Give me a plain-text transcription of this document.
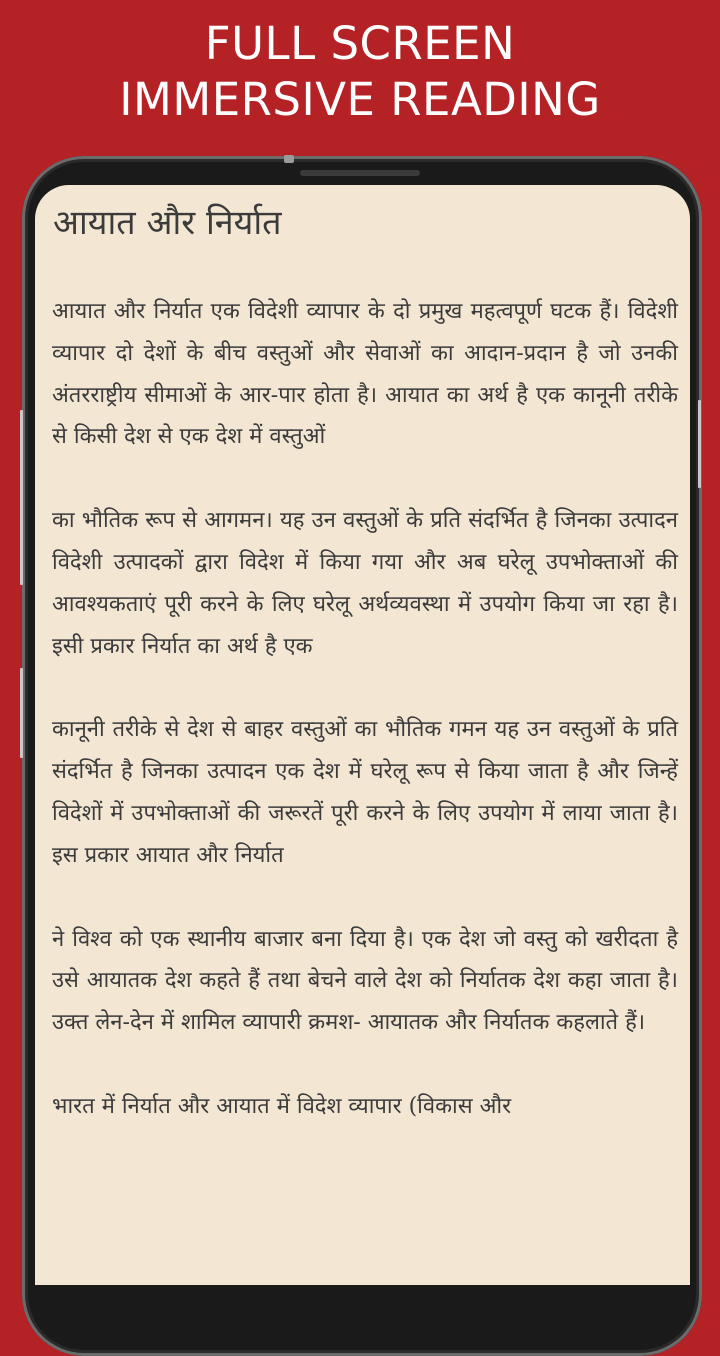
FULL SCREEN
IMMERSIVE READING
आयात और निर्यात

आयात और निर्यात एक विदेशी व्यापार के दो प्रमुख महत्वपूर्ण घटक हैं। विदेशी व्यापार दो देशों के बीच वस्तुओं और सेवाओं का आदान-प्रदान है जो उनकी अंतरराष्ट्रीय सीमाओं के आर-पार होता है। आयात का अर्थ है एक कानूनी तरीके से किसी देश से एक देश में वस्तुओं

का भौतिक रूप से आगमन। यह उन वस्तुओं के प्रति संदर्भित है जिनका उत्पादन विदेशी उत्पादकों द्वारा विदेश में किया गया और अब घरेलू उपभोक्ताओं की आवश्यकताएं पूरी करने के लिए घरेलू अर्थव्यवस्था में उपयोग किया जा रहा है। इसी प्रकार निर्यात का अर्थ है एक

कानूनी तरीके से देश से बाहर वस्तुओं का भौतिक गमन यह उन वस्तुओं के प्रति संदर्भित है जिनका उत्पादन एक देश में घरेलू रूप से किया जाता है और जिन्हें विदेशों में उपभोक्ताओं की जरूरतें पूरी करने के लिए उपयोग में लाया जाता है। इस प्रकार आयात और निर्यात

ने विश्व को एक स्थानीय बाजार बना दिया है। एक देश जो वस्तु को खरीदता है उसे आयातक देश कहते हैं तथा बेचने वाले देश को निर्यातक देश कहा जाता है। उक्त लेन-देन में शामिल व्यापारी क्रमश- आयातक और निर्यातक कहलाते हैं।

भारत में निर्यात और आयात में विदेश व्यापार (विकास और
